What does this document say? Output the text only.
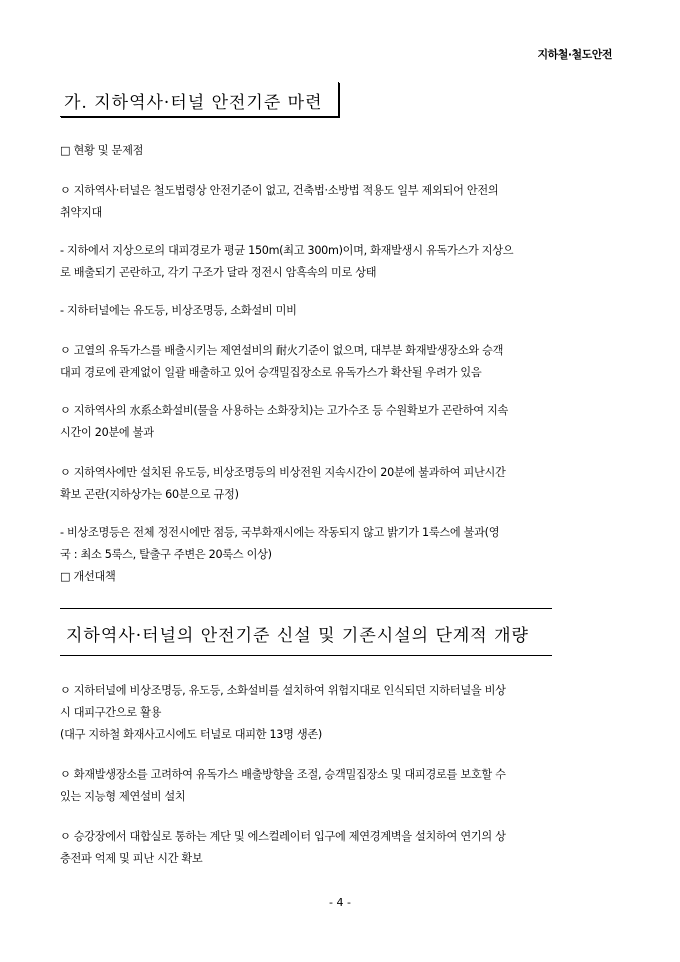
지하철·철도안전
가. 지하역사·터널 안전기준 마련
□ 현황 및 문제점
ㅇ 지하역사·터널은 철도법령상 안전기준이 없고, 건축법·소방법 적용도 일부 제외되어 안전의
취약지대
- 지하에서 지상으로의 대피경로가 평균 150m(최고 300m)이며, 화재발생시 유독가스가 지상으
로 배출되기 곤란하고, 각기 구조가 달라 정전시 암흑속의 미로 상태
- 지하터널에는 유도등, 비상조명등, 소화설비 미비
ㅇ 고열의 유독가스를 배출시키는 제연설비의 耐火기준이 없으며, 대부분 화재발생장소와 승객
대피 경로에 관계없이 일괄 배출하고 있어 승객밀집장소로 유독가스가 확산될 우려가 있음
ㅇ 지하역사의 水系소화설비(물을 사용하는 소화장치)는 고가수조 등 수원확보가 곤란하여 지속
시간이 20분에 불과
ㅇ 지하역사에만 설치된 유도등, 비상조명등의 비상전원 지속시간이 20분에 불과하여 피난시간
확보 곤란(지하상가는 60분으로 규정)
- 비상조명등은 전체 정전시에만 점등, 국부화재시에는 작동되지 않고 밝기가 1룩스에 불과(영
국 : 최소 5룩스, 탈출구 주변은 20룩스 이상)
□ 개선대책
지하역사·터널의 안전기준 신설 및 기존시설의 단계적 개량
ㅇ 지하터널에 비상조명등, 유도등, 소화설비를 설치하여 위험지대로 인식되던 지하터널을 비상
시 대피구간으로 활용
(대구 지하철 화재사고시에도 터널로 대피한 13명 생존)
ㅇ 화재발생장소를 고려하여 유독가스 배출방향을 조절, 승객밀집장소 및 대피경로를 보호할 수
있는 지능형 제연설비 설치
ㅇ 승강장에서 대합실로 통하는 계단 및 에스컬레이터 입구에 제연경계벽을 설치하여 연기의 상
층전파 억제 및 피난 시간 확보
- 4 -
